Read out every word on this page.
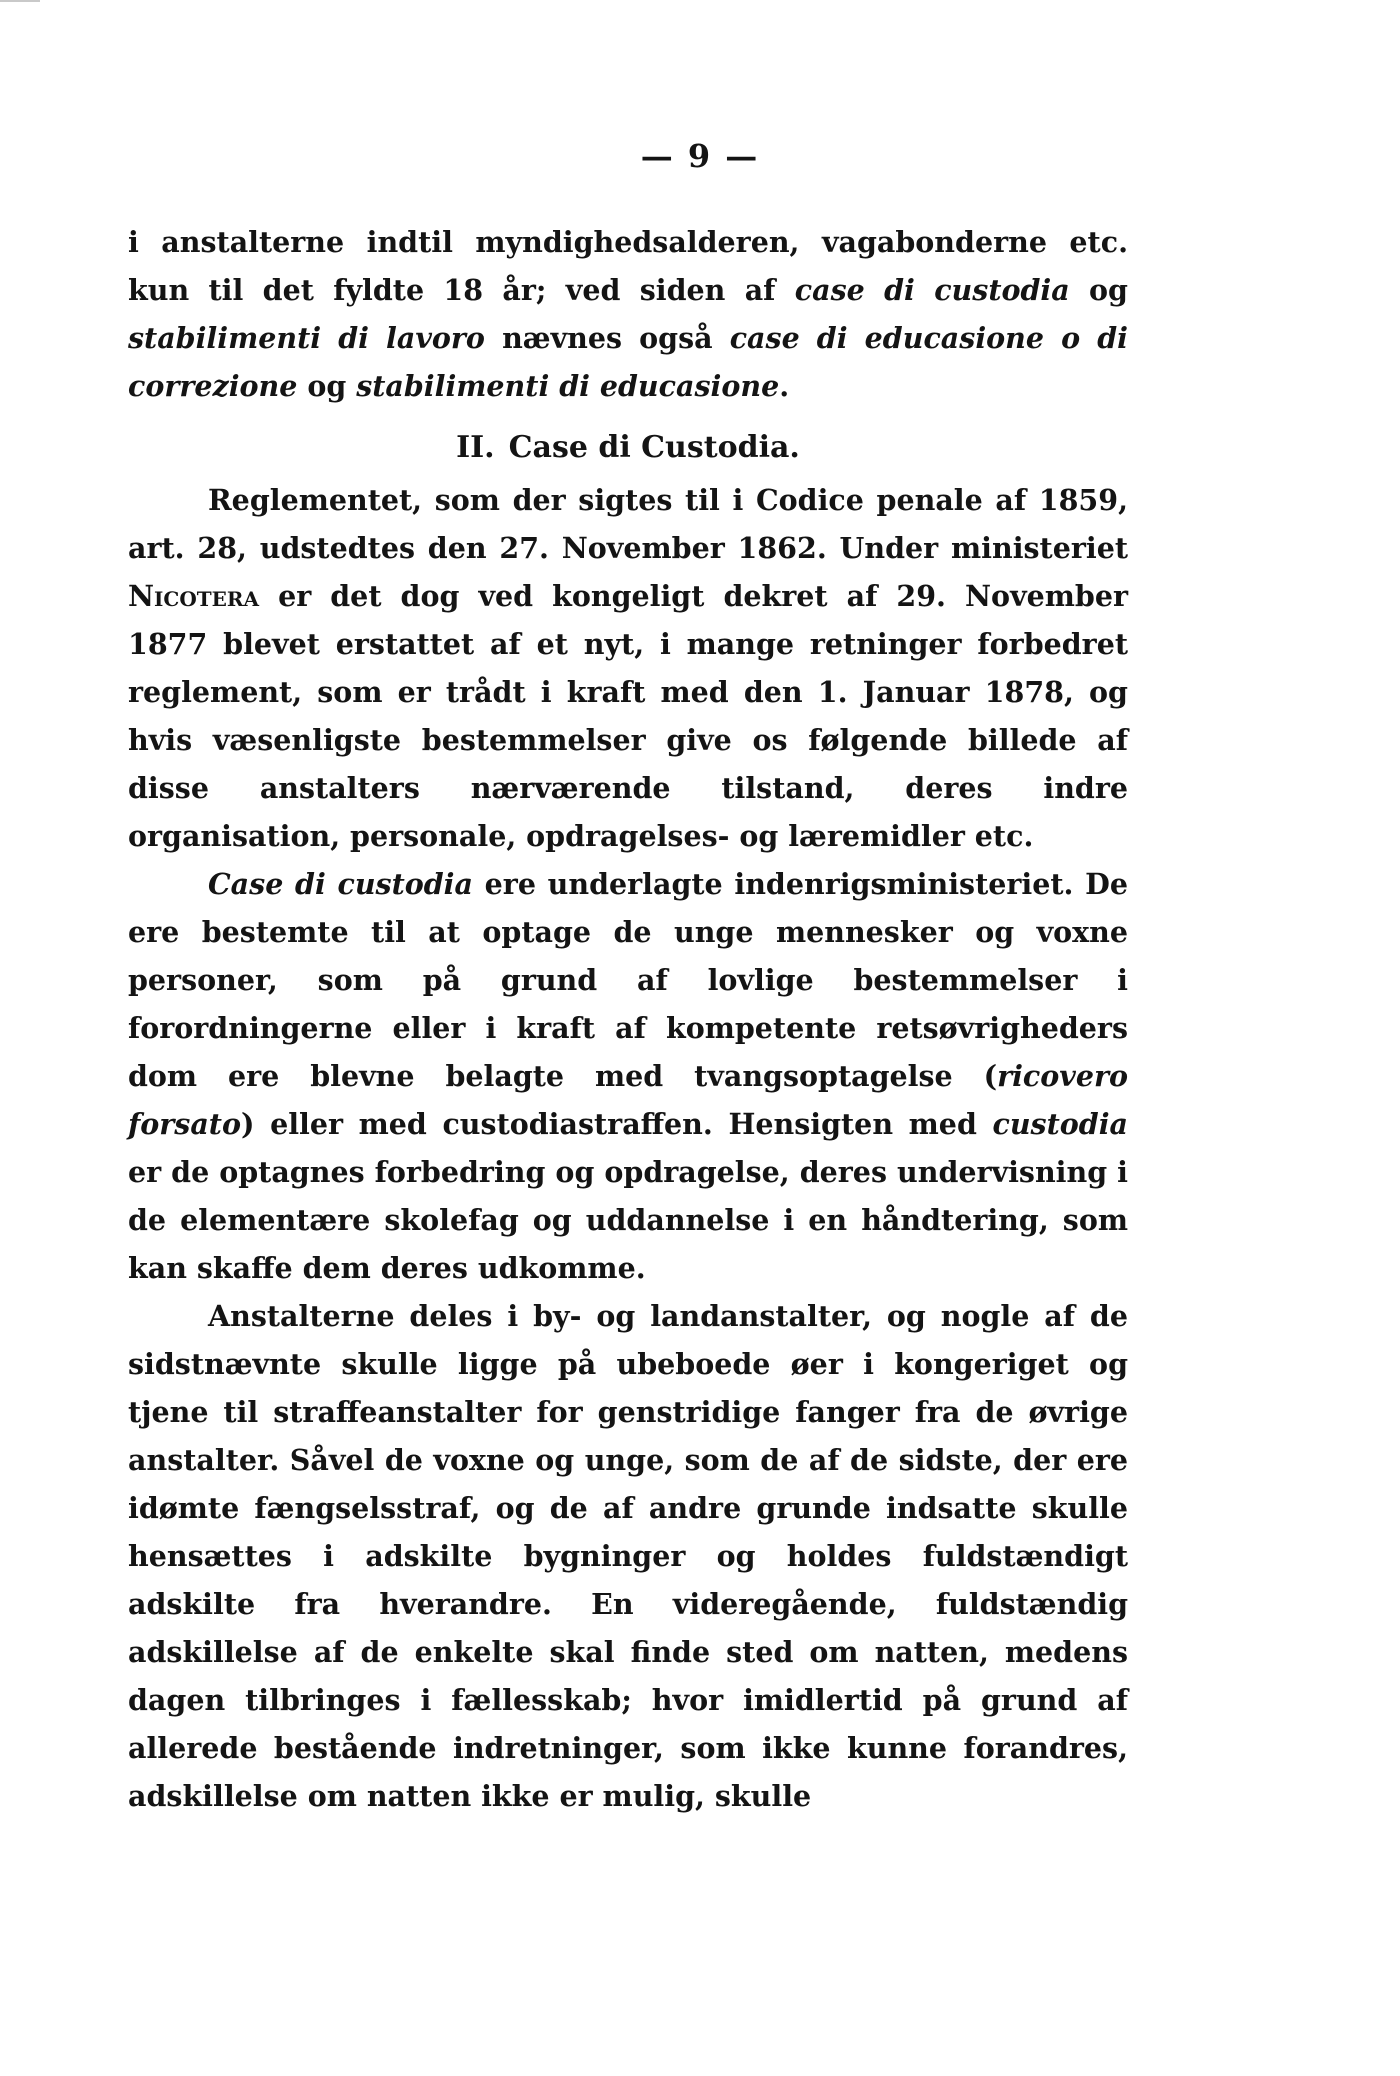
— 9 —

i anstalterne indtil myndighedsalderen, vagabonderne etc. kun til det fyldte 18 år; ved siden af case di custodia og stabilimenti di lavoro nævnes også case di educasione o di correzione og stabilimenti di educasione.

II. Case di Custodia.

Reglementet, som der sigtes til i Codice penale af 1859, art. 28, udstedtes den 27. November 1862. Under ministeriet Nicotera er det dog ved kongeligt dekret af 29. November 1877 blevet erstattet af et nyt, i mange retninger forbedret reglement, som er trådt i kraft med den 1. Januar 1878, og hvis væsenligste bestemmelser give os følgende billede af disse anstalters nærværende tilstand, deres indre organisation, personale, opdragelses- og læremidler etc.

Case di custodia ere underlagte indenrigsministeriet. De ere bestemte til at optage de unge mennesker og voxne personer, som på grund af lovlige bestemmelser i forordningerne eller i kraft af kompetente retsøvrigheders dom ere blevne belagte med tvangsoptagelse (ricovero forsato) eller med custodiastraffen. Hensigten med custodia er de optagnes forbedring og opdragelse, deres undervisning i de elementære skolefag og uddannelse i en håndtering, som kan skaffe dem deres udkomme.

Anstalterne deles i by- og landanstalter, og nogle af de sidstnævnte skulle ligge på ubeboede øer i kongeriget og tjene til straffeanstalter for genstridige fanger fra de øvrige anstalter. Såvel de voxne og unge, som de af de sidste, der ere idømte fængselsstraf, og de af andre grunde indsatte skulle hensættes i adskilte bygninger og holdes fuldstændigt adskilte fra hverandre. En videregående, fuldstændig adskillelse af de enkelte skal finde sted om natten, medens dagen tilbringes i fællesskab; hvor imidlertid på grund af allerede bestående indretninger, som ikke kunne forandres, adskillelse om natten ikke er mulig, skulle
